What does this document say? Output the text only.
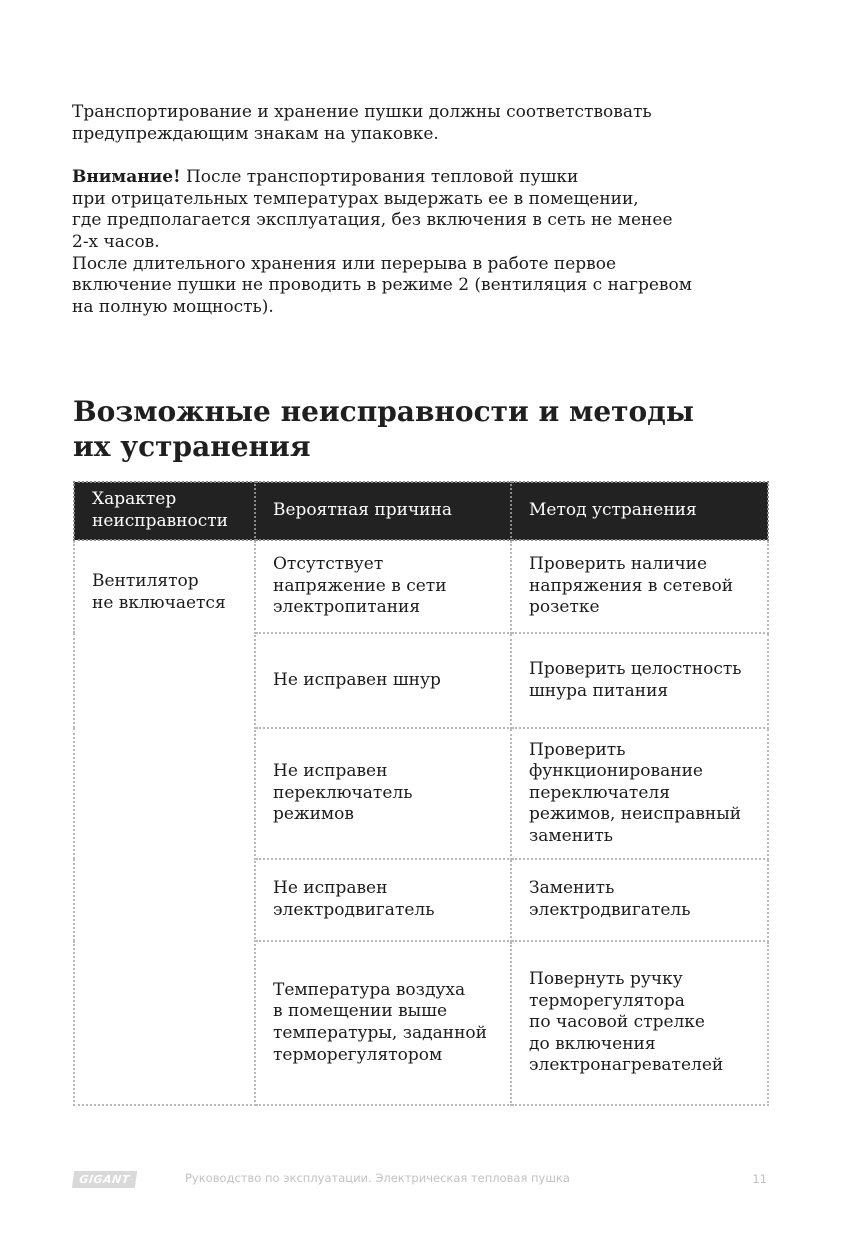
Транспортирование и хранение пушки должны соответствовать
предупреждающим знакам на упаковке.

Внимание! После транспортирования тепловой пушки
при отрицательных температурах выдержать ее в помещении,
где предполагается эксплуатация, без включения в сеть не менее
2-х часов.
После длительного хранения или перерыва в работе первое
включение пушки не проводить в режиме 2 (вентиляция с нагревом
на полную мощность).

Возможные неисправности и методы
их устранения
Характер
неисправности	Вероятная причина	Метод устранения

Вентилятор
не включается	Отсутствует
напряжение в сети
электропитания	Проверить наличие
напряжения в сетевой
розетке

	Не исправен шнур	Проверить целостность
шнура питания

	Не исправен
переключатель
режимов	Проверить
функционирование
переключателя
режимов, неисправный
заменить

	Не исправен
электродвигатель	Заменить
электродвигатель

	Температура воздуха
в помещении выше
температуры, заданной
терморегулятором	Повернуть ручку
терморегулятора
по часовой стрелке
до включения
электронагревателей
GIGANT	Руководство по эксплуатации. Электрическая тепловая пушка	11
